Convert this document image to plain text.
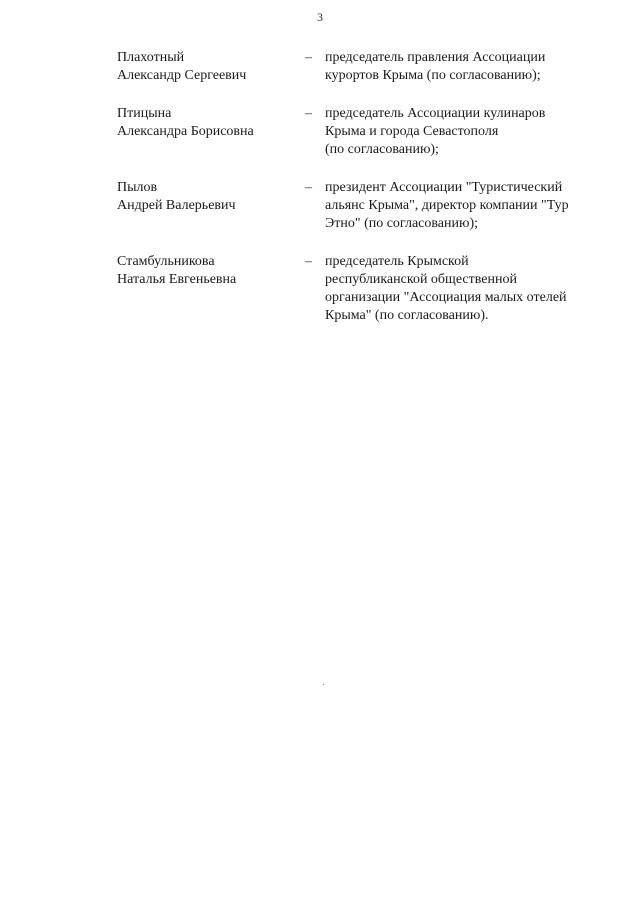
3
Плахотный
Александр Сергеевич
– председатель правления Ассоциации
курортов Крыма (по согласованию);
Птицына
Александра Борисовна
– председатель Ассоциации кулинаров
Крыма и города Севастополя
(по согласованию);
Пылов
Андрей Валерьевич
– президент Ассоциации "Туристический
альянс Крыма", директор компании "Тур
Этно" (по согласованию);
Стамбульникова
Наталья Евгеньевна
– председатель Крымской
республиканской общественной
организации "Ассоциация малых отелей
Крыма" (по согласованию).
